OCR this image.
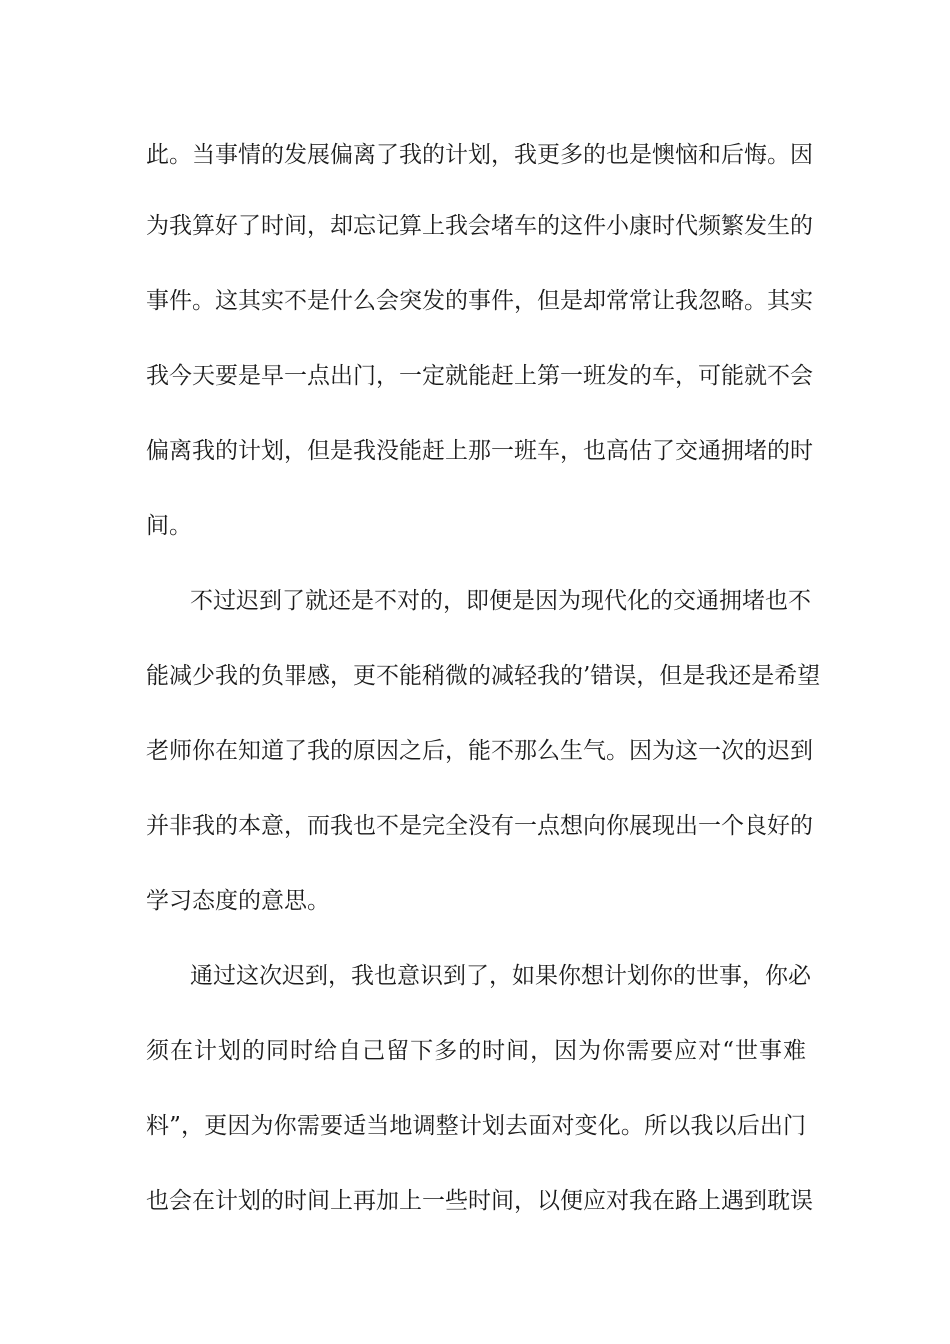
此。当事情的发展偏离了我的计划，我更多的也是懊恼和后悔。因
为我算好了时间，却忘记算上我会堵车的这件小康时代频繁发生的
事件。这其实不是什么会突发的事件，但是却常常让我忽略。其实
我今天要是早一点出门，一定就能赶上第一班发的车，可能就不会
偏离我的计划，但是我没能赶上那一班车，也高估了交通拥堵的时
间。
不过迟到了就还是不对的，即便是因为现代化的交通拥堵也不
能减少我的负罪感，更不能稍微的减轻我的’错误，但是我还是希望
老师你在知道了我的原因之后，能不那么生气。因为这一次的迟到
并非我的本意，而我也不是完全没有一点想向你展现出一个良好的
学习态度的意思。
通过这次迟到，我也意识到了，如果你想计划你的世事，你必
须在计划的同时给自己留下多的时间，因为你需要应对“世事难
料”，更因为你需要适当地调整计划去面对变化。所以我以后出门
也会在计划的时间上再加上一些时间，以便应对我在路上遇到耽误
